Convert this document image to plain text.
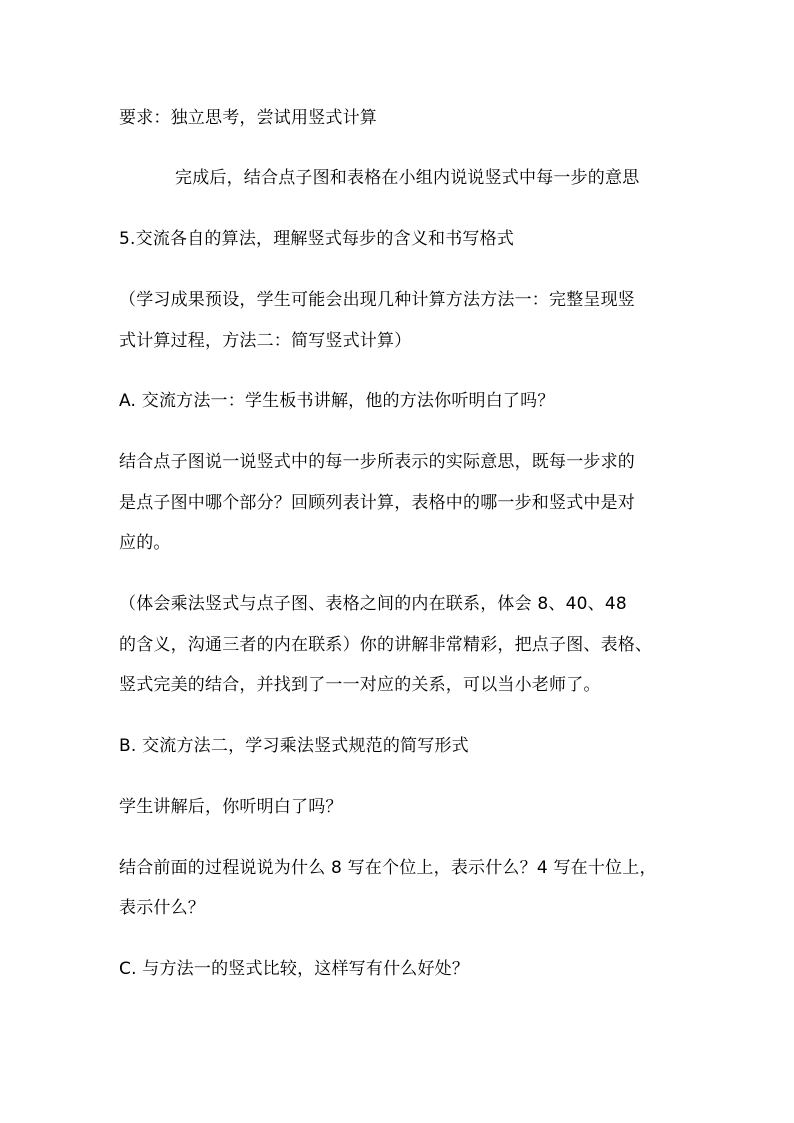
要求：独立思考，尝试用竖式计算
完成后，结合点子图和表格在小组内说说竖式中每一步的意思
5.交流各自的算法，理解竖式每步的含义和书写格式
（学习成果预设，学生可能会出现几种计算方法方法一：完整呈现竖
式计算过程，方法二：简写竖式计算）
A. 交流方法一：学生板书讲解，他的方法你听明白了吗？
结合点子图说一说竖式中的每一步所表示的实际意思，既每一步求的
是点子图中哪个部分？回顾列表计算，表格中的哪一步和竖式中是对
应的。
（体会乘法竖式与点子图、表格之间的内在联系，体会 8、40、48
的含义，沟通三者的内在联系）你的讲解非常精彩，把点子图、表格、
竖式完美的结合，并找到了一一对应的关系，可以当小老师了。
B. 交流方法二，学习乘法竖式规范的简写形式
学生讲解后，你听明白了吗？
结合前面的过程说说为什么 8 写在个位上，表示什么？4 写在十位上，
表示什么？
C. 与方法一的竖式比较，这样写有什么好处？
